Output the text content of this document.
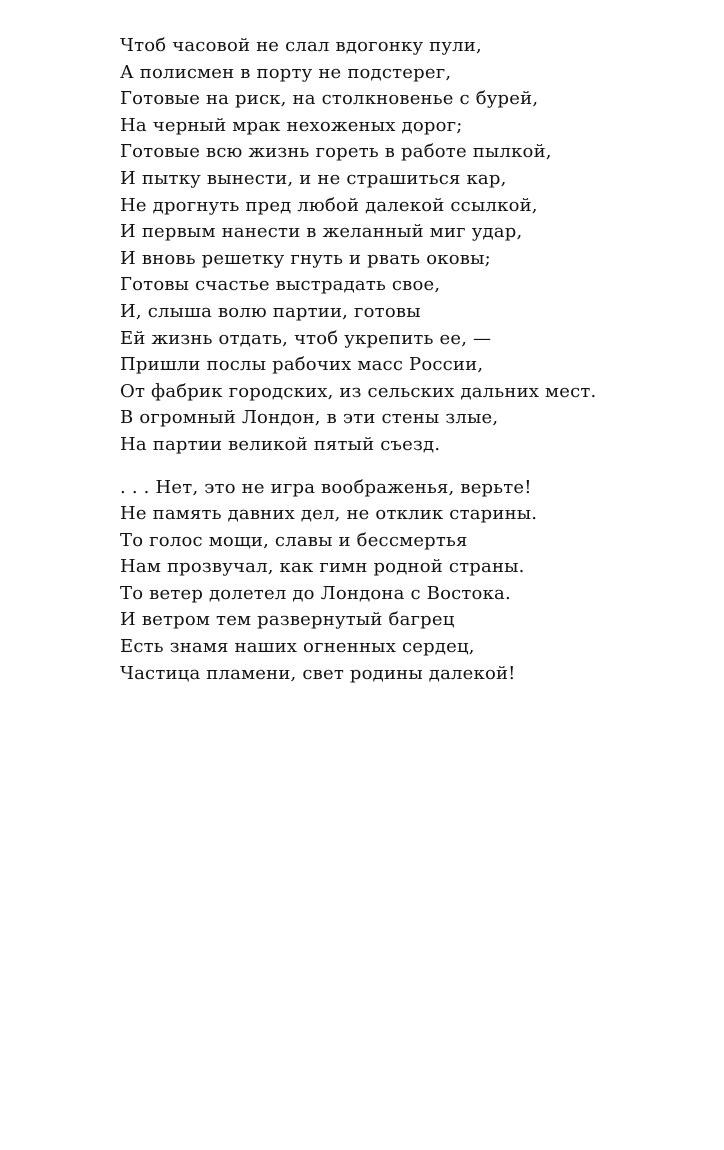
Чтоб часовой не слал вдогонку пули,
А полисмен в порту не подстерег,
Готовые на риск, на столкновенье с бурей,
На черный мрак нехоженых дорог;
Готовые всю жизнь гореть в работе пылкой,
И пытку вынести, и не страшиться кар,
Не дрогнуть пред любой далекой ссылкой,
И первым нанести в желанный миг удар,
И вновь решетку гнуть и рвать оковы;
Готовы счастье выстрадать свое,
И, слыша волю партии, готовы
Ей жизнь отдать, чтоб укрепить ее, —
Пришли послы рабочих масс России,
От фабрик городских, из сельских дальних мест.
В огромный Лондон, в эти стены злые,
На партии великой пятый съезд.
. . . Нет, это не игра воображенья, верьте!
Не память давних дел, не отклик старины.
То голос мощи, славы и бессмертья
Нам прозвучал, как гимн родной страны.
То ветер долетел до Лондона с Востока.
И ветром тем развернутый багрец
Есть знамя наших огненных сердец,
Частица пламени, свет родины далекой!
